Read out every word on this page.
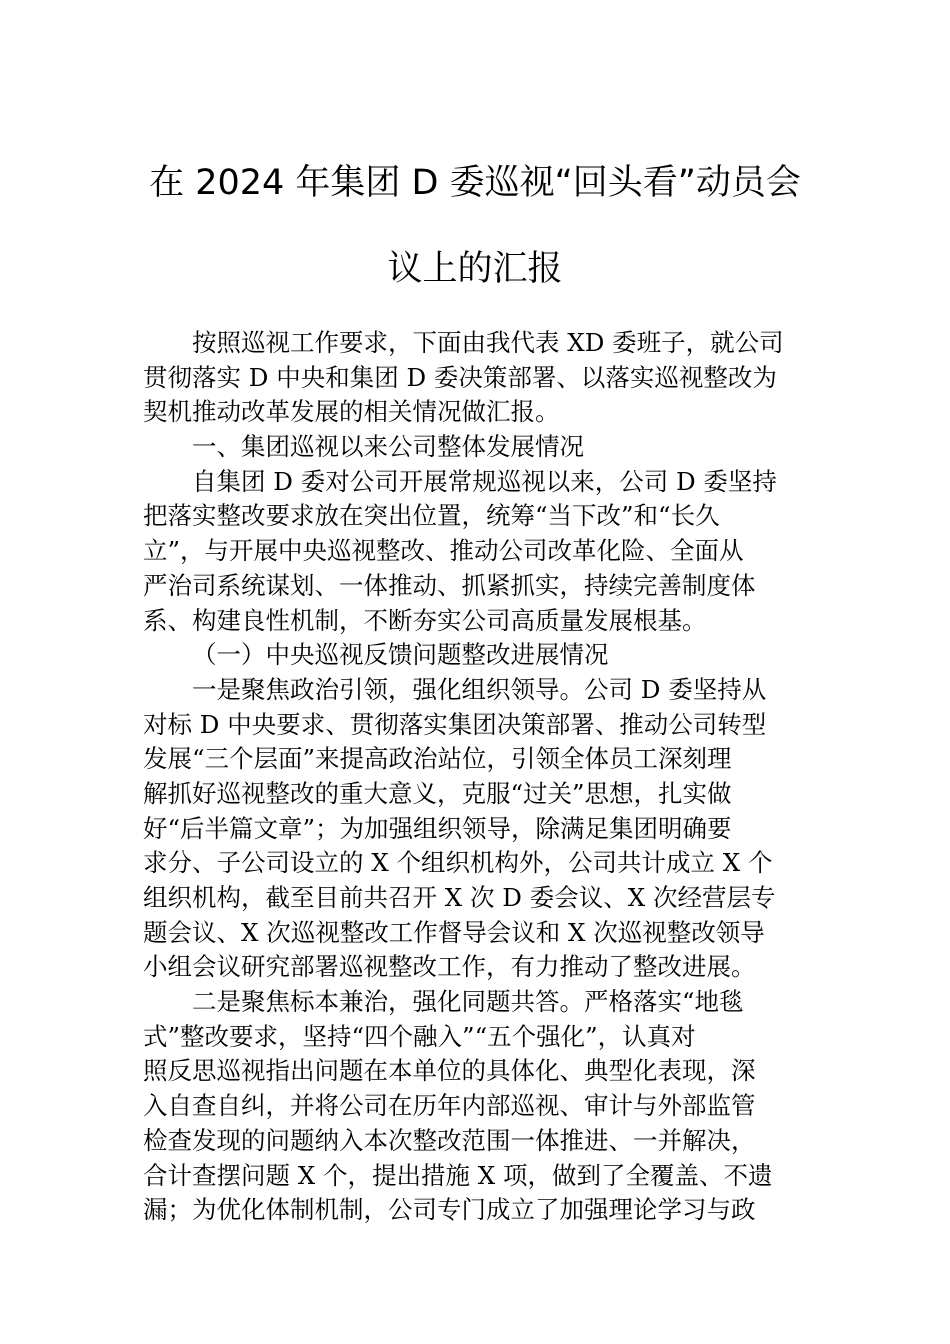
在 2024 年集团 D 委巡视“回头看”动员会
议上的汇报

按照巡视工作要求，下面由我代表 XD 委班子，就公司
贯彻落实 D 中央和集团 D 委决策部署、以落实巡视整改为
契机推动改革发展的相关情况做汇报。

一、集团巡视以来公司整体发展情况

自集团 D 委对公司开展常规巡视以来，公司 D 委坚持
把落实整改要求放在突出位置，统筹“当下改”和“长久
立”，与开展中央巡视整改、推动公司改革化险、全面从
严治司系统谋划、一体推动、抓紧抓实，持续完善制度体
系、构建良性机制，不断夯实公司高质量发展根基。

（一）中央巡视反馈问题整改进展情况

一是聚焦政治引领，强化组织领导。公司 D 委坚持从
对标 D 中央要求、贯彻落实集团决策部署、推动公司转型
发展“三个层面”来提高政治站位，引领全体员工深刻理
解抓好巡视整改的重大意义，克服“过关”思想，扎实做
好“后半篇文章”；为加强组织领导，除满足集团明确要
求分、子公司设立的 X 个组织机构外，公司共计成立 X 个
组织机构，截至目前共召开 X 次 D 委会议、X 次经营层专
题会议、X 次巡视整改工作督导会议和 X 次巡视整改领导
小组会议研究部署巡视整改工作，有力推动了整改进展。

二是聚焦标本兼治，强化同题共答。严格落实“地毯
式”整改要求，坚持“四个融入”“五个强化”，认真对
照反思巡视指出问题在本单位的具体化、典型化表现，深
入自查自纠，并将公司在历年内部巡视、审计与外部监管
检查发现的问题纳入本次整改范围一体推进、一并解决，
合计查摆问题 X 个，提出措施 X 项，做到了全覆盖、不遗
漏；为优化体制机制，公司专门成立了加强理论学习与政
